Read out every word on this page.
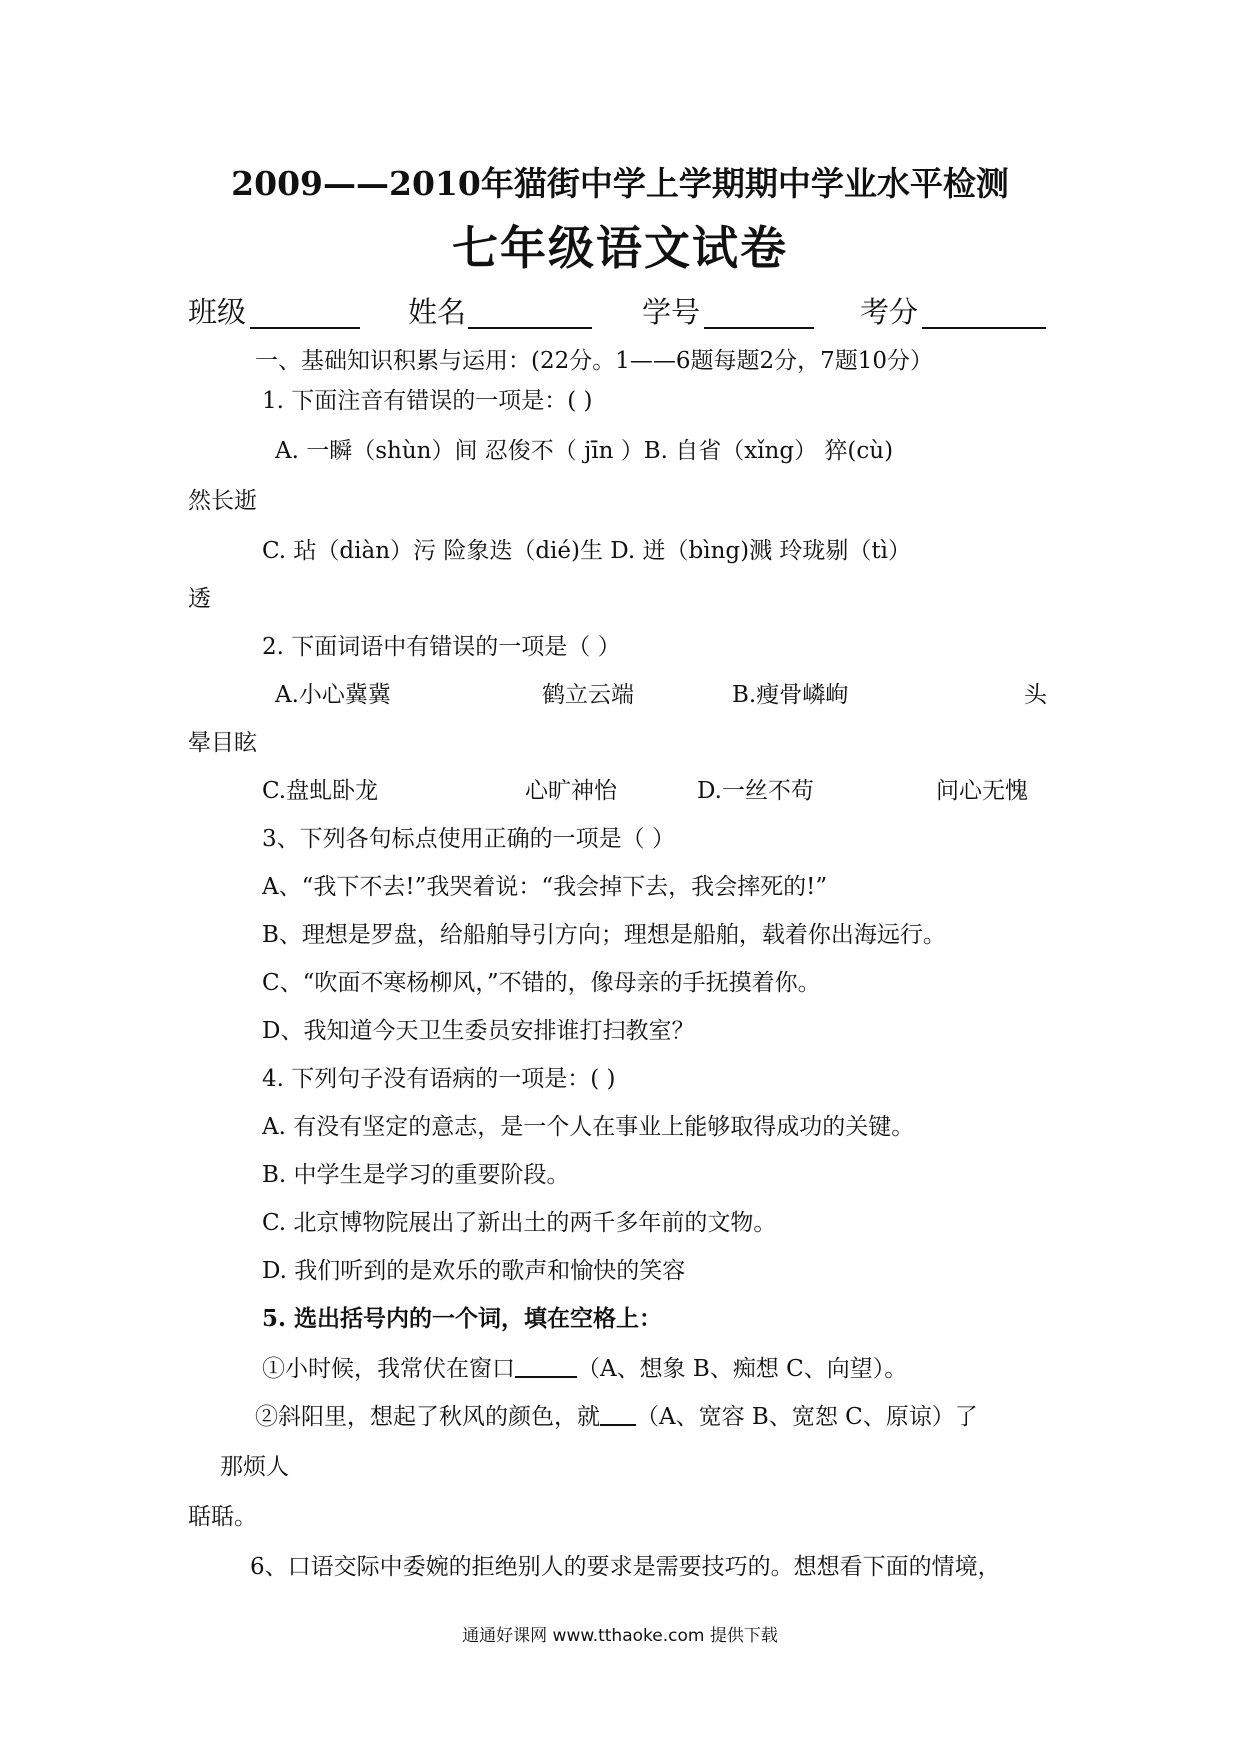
2009——2010年猫街中学上学期期中学业水平检测
七年级语文试卷
班级	姓名	学号	考分
一、基础知识积累与运用：(22分。1——6题每题2分，7题10分）
1. 下面注音有错误的一项是：( )
A. 一瞬（shùn）间 忍俊不（ jīn ）B. 自省（xǐng） 猝(cù)
然长逝
C. 玷（diàn）污 险象迭（dié)生 D. 迸（bìng)溅 玲珑剔（tì）
透
2. 下面词语中有错误的一项是（ ）
A.小心冀冀	鹤立云端	B.瘦骨嶙峋	头
晕目眩
C.盘虬卧龙	心旷神怡	D.一丝不苟	问心无愧
3、下列各句标点使用正确的一项是（ ）
A、“我下不去!”我哭着说：“我会掉下去，我会摔死的!”
B、理想是罗盘，给船舶导引方向；理想是船舶，载着你出海远行。
C、“吹面不寒杨柳风，”不错的，像母亲的手抚摸着你。
D、我知道今天卫生委员安排谁打扫教室？
4. 下列句子没有语病的一项是：( )
A. 有没有坚定的意志，是一个人在事业上能够取得成功的关键。
B. 中学生是学习的重要阶段。
C. 北京博物院展出了新出土的两千多年前的文物。
D. 我们听到的是欢乐的歌声和愉快的笑容
5. 选出括号内的一个词，填在空格上：
①小时候，我常伏在窗口	（A、想象 B、痴想 C、向望）。
②斜阳里，想起了秋风的颜色，就 （A、宽容 B、宽恕 C、原谅）了
那烦人
聒聒。
6、口语交际中委婉的拒绝别人的要求是需要技巧的。想想看下面的情境，
通通好课网 www.tthaoke.com 提供下载
